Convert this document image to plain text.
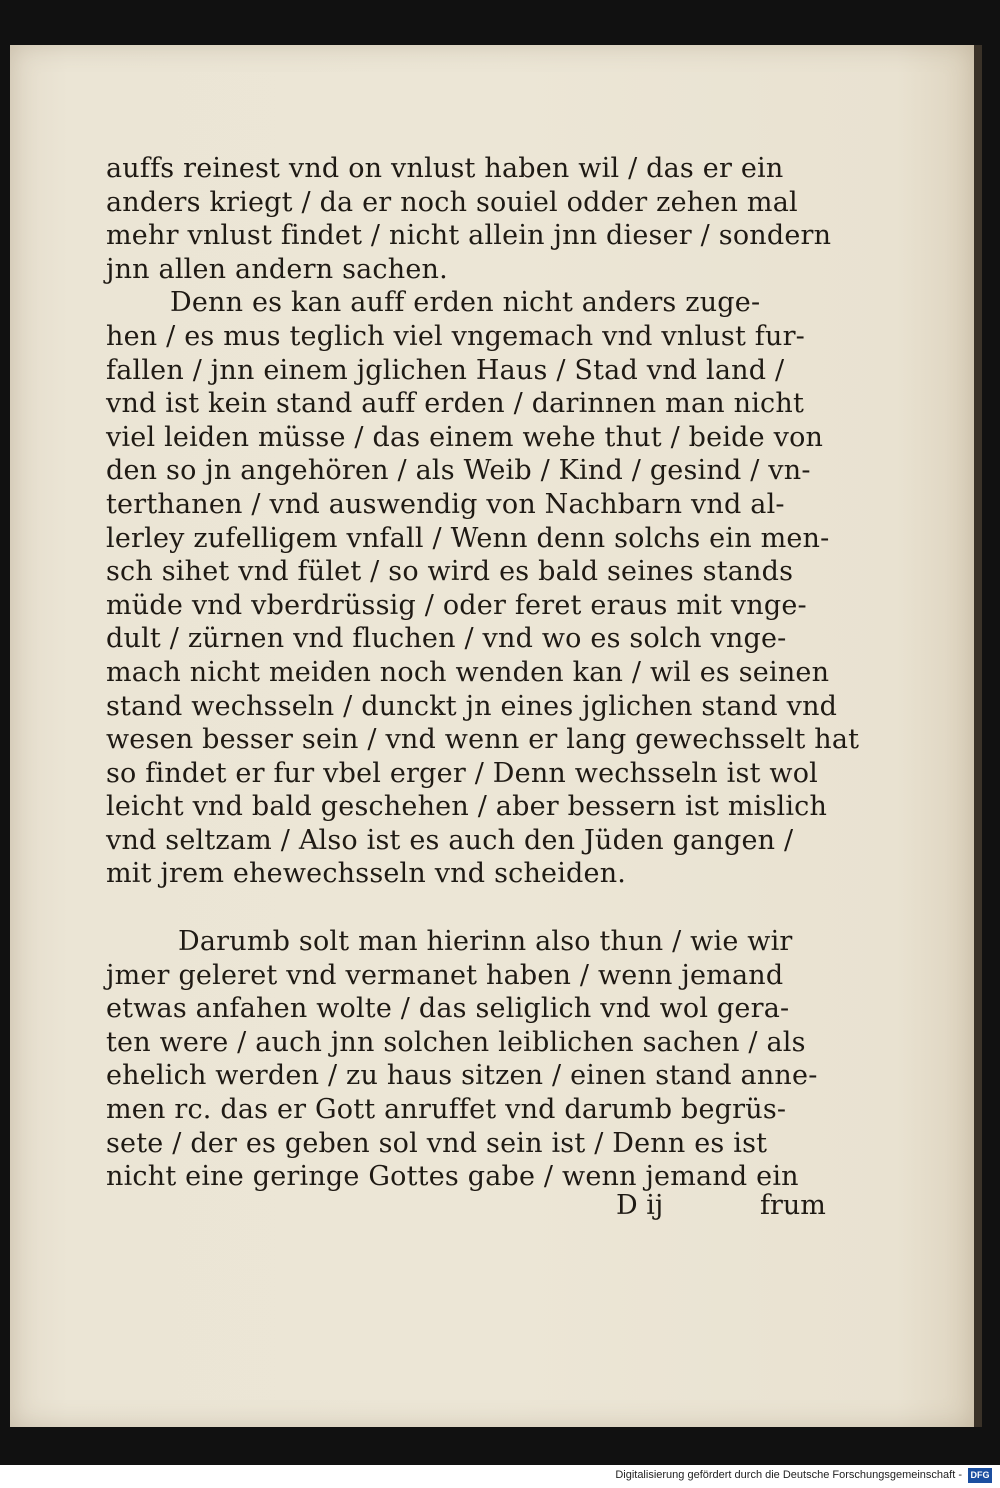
auffs reinest vnd on vnlust haben wil / das er ein
anders kriegt / da er noch souiel odder zehen mal
mehr vnlust findet / nicht allein jnn dieser / sondern
jnn allen andern sachen.
Denn es kan auff erden nicht anders zuge-
hen / es mus teglich viel vngemach vnd vnlust fur-
fallen / jnn einem jglichen Haus / Stad vnd land /
vnd ist kein stand auff erden / darinnen man nicht
viel leiden müsse / das einem wehe thut / beide von
den so jn angehören / als Weib / Kind / gesind / vn-
terthanen / vnd auswendig von Nachbarn vnd al-
lerley zufelligem vnfall / Wenn denn solchs ein men-
sch sihet vnd fület / so wird es bald seines stands
müde vnd vberdrüssig / oder feret eraus mit vnge-
dult / zürnen vnd fluchen / vnd wo es solch vnge-
mach nicht meiden noch wenden kan / wil es seinen
stand wechsseln / dunckt jn eines jglichen stand vnd
wesen besser sein / vnd wenn er lang gewechsselt hat
so findet er fur vbel erger / Denn wechsseln ist wol
leicht vnd bald geschehen / aber bessern ist mislich
vnd seltzam / Also ist es auch den Jüden gangen /
mit jrem ehewechsseln vnd scheiden.
Darumb solt man hierinn also thun / wie wir
jmer geleret vnd vermanet haben / wenn jemand
etwas anfahen wolte / das seliglich vnd wol gera-
ten were / auch jnn solchen leiblichen sachen / als
ehelich werden / zu haus sitzen / einen stand anne-
men rc. das er Gott anruffet vnd darumb begrüs-
sete / der es geben sol vnd sein ist / Denn es ist
nicht eine geringe Gottes gabe / wenn jemand ein
D ij	frum
Digitalisierung gefördert durch die Deutsche Forschungsgemeinschaft - DFG
